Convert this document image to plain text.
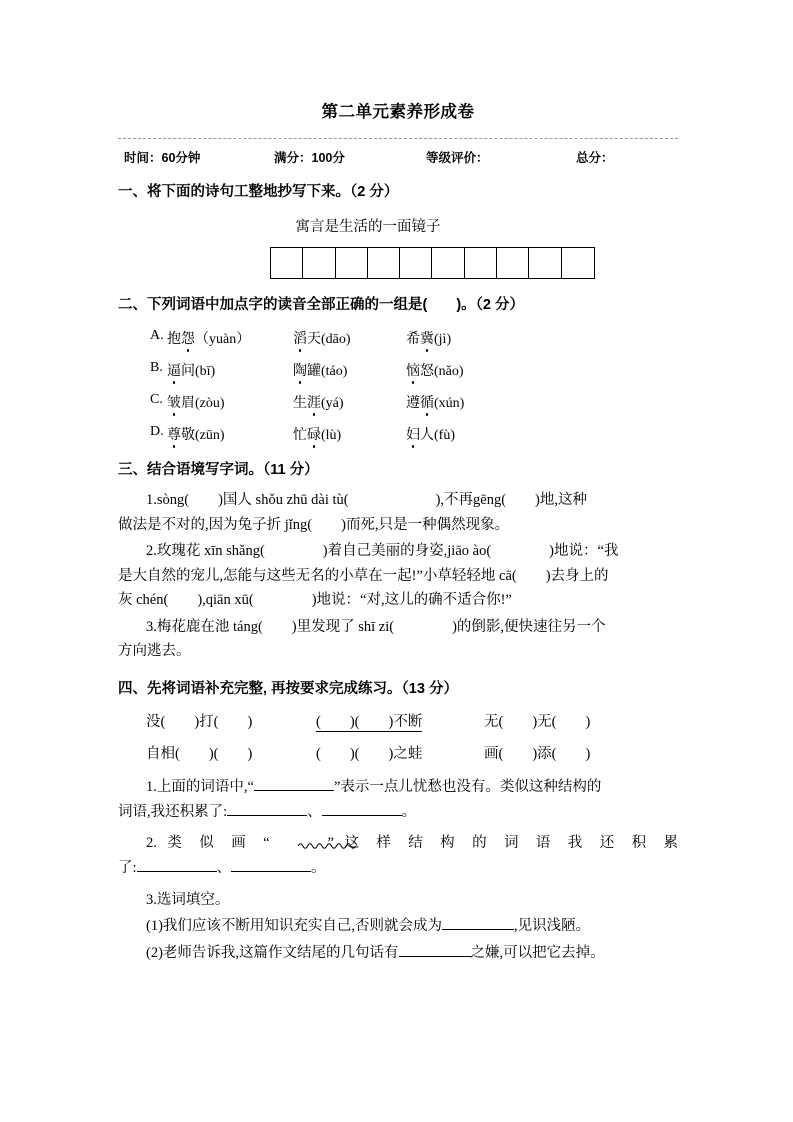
第二单元素养形成卷
时间：60分钟	满分：100分	等级评价：	总分：
一、将下面的诗句工整地抄写下来。（2 分）
寓言是生活的一面镜子
二、下列词语中加点字的读音全部正确的一组是(　　)。（2 分）
A. 抱怨（yuàn）	滔天(dāo)	希冀(jì)
B. 逼问(bī)	陶罐(táo)	恼怒(nǎo)
C. 皱眉(zòu)	生涯(yá)	遵循(xún)
D. 尊敬(zūn)	忙碌(lù)	妇人(fù)
三、结合语境写字词。（11 分）
1.sòng(　　)国人 shǒu zhū dài tù(　　　　　　),不再gēng(　　)地,这种
做法是不对的,因为兔子折 jǐng(　　)而死,只是一种偶然现象。
2.玫瑰花 xīn shǎng(　　　　)着自己美丽的身姿,jiāo ào(　　　　)地说：“我
是大自然的宠儿,怎能与这些无名的小草在一起!”小草轻轻地 cā(　　)去身上的
灰 chén(　　),qiān xū(　　　　)地说：“对,这儿的确不适合你!”
3.梅花鹿在池 táng(　　)里发现了 shī zi(　　　　)的倒影,便快速往另一个
方向逃去。
四、先将词语补充完整, 再按要求完成练习。（13 分）
没(　　)打(　　)	(　　)(　　)不断	无(　　)无(　　)
自相(　　)(　　)	(　　)(　　)之蛙	画(　　)添(　　)
1.上面的词语中,“	”表示一点儿忧愁也没有。类似这种结构的
词语,我还积累了:	、	。
2. 类 似 画 “	” 这 样 结 构 的 词 语 我 还 积 累
了:	、	。
3.选词填空。
(1)我们应该不断用知识充实自己,否则就会成为	,见识浅陋。
(2)老师告诉我,这篇作文结尾的几句话有	之嫌,可以把它去掉。
